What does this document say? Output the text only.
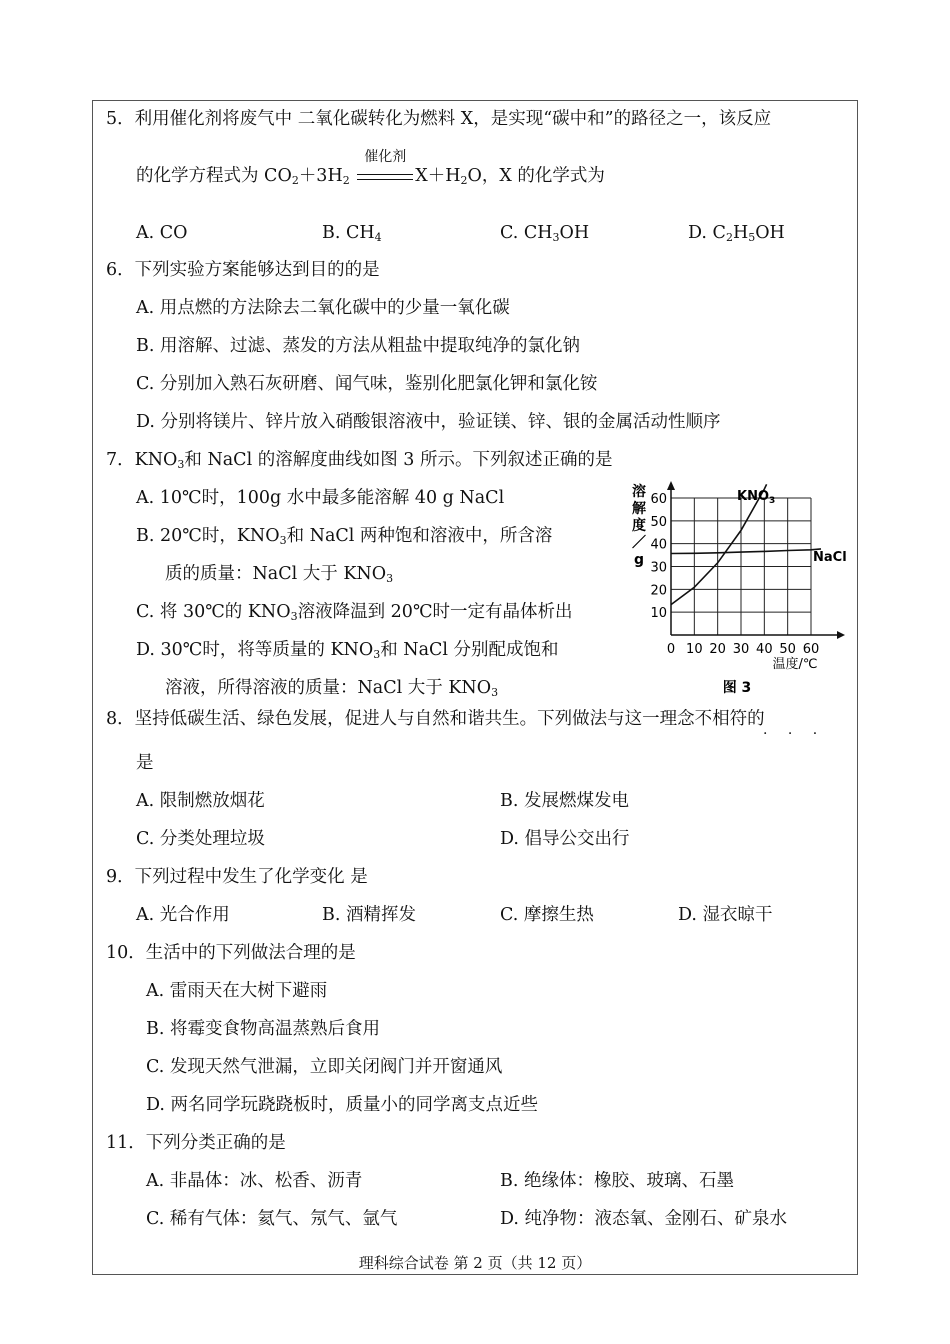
5．利用催化剂将废气中 二氧化碳转化为燃料 X，是实现“碳中和”的路径之一，该反应
的化学方程式为 $CO_2+3H_2$
催化剂
$X+H_2O$，X 的化学式为
A. CO	B. $CH_4$	C. $CH_3OH$	D. $C_2H_5OH$
6．下列实验方案能够达到目的的是
A. 用点燃的方法除去二氧化碳中的少量一氧化碳
B. 用溶解、过滤、蒸发的方法从粗盐中提取纯净的氯化钠
C. 分别加入熟石灰研磨、闻气味，鉴别化肥氯化钾和氯化铵
D. 分别将镁片、锌片放入硝酸银溶液中，验证镁、锌、银的金属活动性顺序
7．$KNO_3$和 NaCl 的溶解度曲线如图 3 所示。下列叙述正确的是
A. 10℃时，100g 水中最多能溶解 40 g NaCl
B. 20℃时，$KNO_3$和 NaCl 两种饱和溶液中，所含溶
质的质量：NaCl 大于 $KNO_3$
C. 将 30℃的 $KNO_3$溶液降温到 20℃时一定有晶体析出
D. 30℃时，将等质量的 $KNO_3$和 NaCl 分别配成饱和
溶液，所得溶液的质量：NaCl 大于 $KNO_3$
10
20
30
40
50
60
0 10 20 30 40 50 60
溶
解
度
／
g
温度/℃
$KNO_3$
NaCl
图 3
8．坚持低碳生活、绿色发展，促进人与自然和谐共生。下列做法与这一理念不相符的
· · ·
是
A. 限制燃放烟花	B. 发展燃煤发电
C. 分类处理垃圾	D. 倡导公交出行
9．下列过程中发生了化学变化 是
A. 光合作用	B. 酒精挥发	C. 摩擦生热	D. 湿衣晾干
10．生活中的下列做法合理的是
A. 雷雨天在大树下避雨
B. 将霉变食物高温蒸熟后食用
C. 发现天然气泄漏，立即关闭阀门并开窗通风
D. 两名同学玩跷跷板时，质量小的同学离支点近些
11．下列分类正确的是
A. 非晶体：冰、松香、沥青	B. 绝缘体：橡胶、玻璃、石墨
C. 稀有气体：氦气、氖气、氩气	D. 纯净物：液态氧、金刚石、矿泉水
理科综合试卷 第 2 页（共 12 页）
